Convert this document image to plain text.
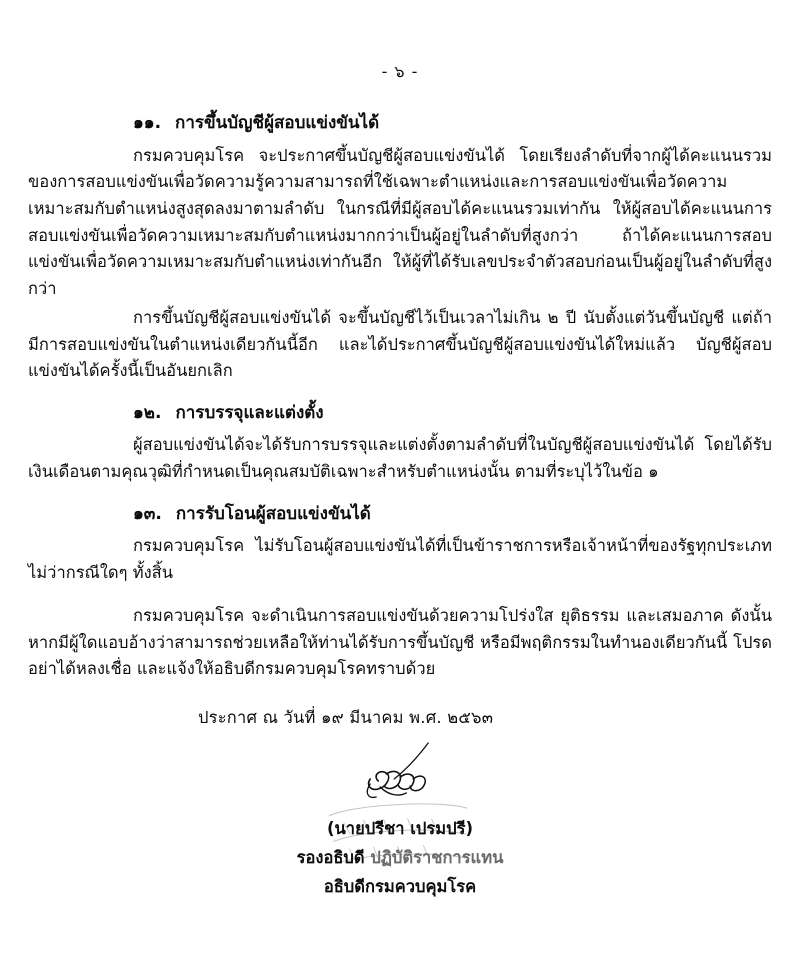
- ๖ -
๑๑. การขึ้นบัญชีผู้สอบแข่งขันได้

กรมควบคุมโรค จะประกาศขึ้นบัญชีผู้สอบแข่งขันได้ โดยเรียงลำดับที่จากผู้ได้คะแนนรวมของการสอบแข่งขันเพื่อวัดความรู้ความสามารถที่ใช้เฉพาะตำแหน่งและการสอบแข่งขันเพื่อวัดความเหมาะสมกับตำแหน่งสูงสุดลงมาตามลำดับ ในกรณีที่มีผู้สอบได้คะแนนรวมเท่ากัน ให้ผู้สอบได้คะแนนการสอบแข่งขันเพื่อวัดความเหมาะสมกับตำแหน่งมากกว่าเป็นผู้อยู่ในลำดับที่สูงกว่า ถ้าได้คะแนนการสอบแข่งขันเพื่อวัดความเหมาะสมกับตำแหน่งเท่ากันอีก ให้ผู้ที่ได้รับเลขประจำตัวสอบก่อนเป็นผู้อยู่ในลำดับที่สูงกว่า

การขึ้นบัญชีผู้สอบแข่งขันได้ จะขึ้นบัญชีไว้เป็นเวลาไม่เกิน ๒ ปี นับตั้งแต่วันขึ้นบัญชี แต่ถ้ามีการสอบแข่งขันในตำแหน่งเดียวกันนี้อีก และได้ประกาศขึ้นบัญชีผู้สอบแข่งขันได้ใหม่แล้ว บัญชีผู้สอบแข่งขันได้ครั้งนี้เป็นอันยกเลิก

๑๒. การบรรจุและแต่งตั้ง

ผู้สอบแข่งขันได้จะได้รับการบรรจุและแต่งตั้งตามลำดับที่ในบัญชีผู้สอบแข่งขันได้ โดยได้รับเงินเดือนตามคุณวุฒิที่กำหนดเป็นคุณสมบัติเฉพาะสำหรับตำแหน่งนั้น ตามที่ระบุไว้ในข้อ ๑

๑๓. การรับโอนผู้สอบแข่งขันได้

กรมควบคุมโรค ไม่รับโอนผู้สอบแข่งขันได้ที่เป็นข้าราชการหรือเจ้าหน้าที่ของรัฐทุกประเภทไม่ว่ากรณีใดๆ ทั้งสิ้น

กรมควบคุมโรค จะดำเนินการสอบแข่งขันด้วยความโปร่งใส ยุติธรรม และเสมอภาค ดังนั้น หากมีผู้ใดแอบอ้างว่าสามารถช่วยเหลือให้ท่านได้รับการขึ้นบัญชี หรือมีพฤติกรรมในทำนองเดียวกันนี้ โปรดอย่าได้หลงเชื่อ และแจ้งให้อธิบดีกรมควบคุมโรคทราบด้วย

ประกาศ ณ วันที่ ๑๙ มีนาคม พ.ศ. ๒๕๖๓
(นายปรีชา เปรมปรี)
รองอธิบดี ปฏิบัติราชการแทน
อธิบดีกรมควบคุมโรค
